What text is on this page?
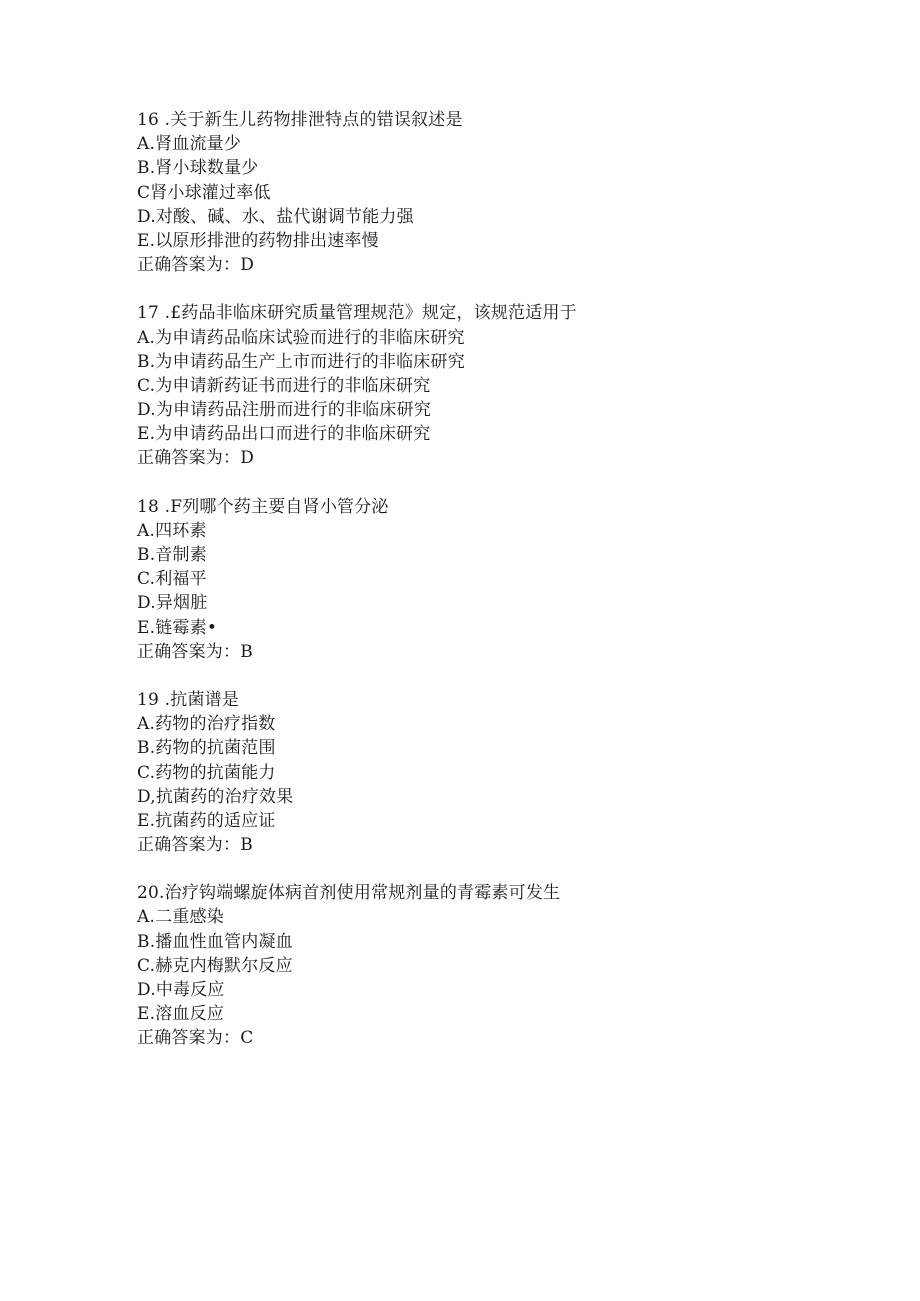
16 .关于新生儿药物排泄特点的错误叙述是
A.肾血流量少
B.肾小球数量少
C肾小球灌过率低
D.对酸、碱、水、盐代谢调节能力强
E.以原形排泄的药物排出速率慢
正确答案为：D
17 .£药品非临床研究质量管理规范》规定，该规范适用于
A.为申请药品临床试验而进行的非临床研究
B.为申请药品生产上市而进行的非临床研究
C.为申请新药证书而进行的非临床研究
D.为申请药品注册而进行的非临床研究
E.为申请药品出口而进行的非临床研究
正确答案为：D
18 .F列哪个药主要自肾小管分泌
A.四环素
B.音制素
C.利福平
D.异烟脏
E.链霉素•
正确答案为：B
19 .抗菌谱是
A.药物的治疗指数
B.药物的抗菌范围
C.药物的抗菌能力
D,抗菌药的治疗效果
E.抗菌药的适应证
正确答案为：B
20.治疗钩端螺旋体病首剂使用常规剂量的青霉素可发生
A.二重感染
B.播血性血管内凝血
C.赫克内梅默尔反应
D.中毒反应
E.溶血反应
正确答案为：C
